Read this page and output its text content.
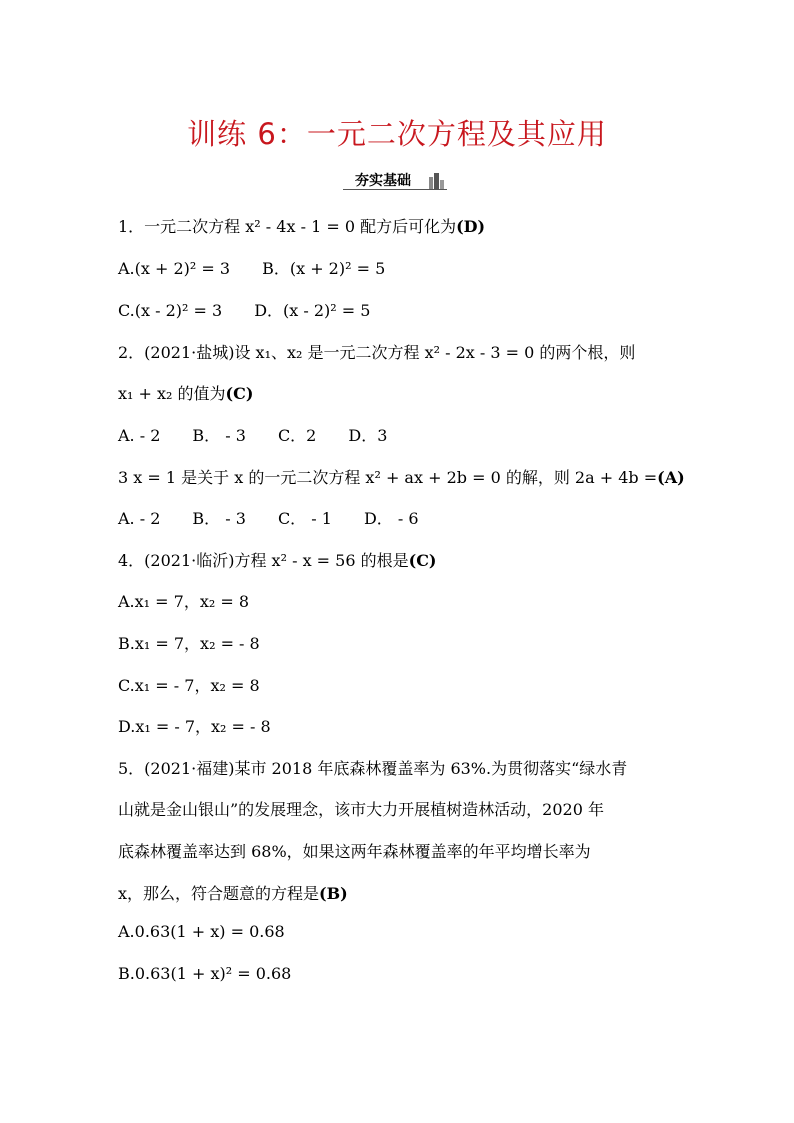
训练 6：一元二次方程及其应用
夯实基础
1．一元二次方程 x² - 4x - 1 = 0 配方后可化为(D)
A.(x + 2)² = 3 B．(x + 2)² = 5
C.(x - 2)² = 3 D．(x - 2)² = 5
2．(2021·盐城)设 x₁、x₂ 是一元二次方程 x² - 2x - 3 = 0 的两个根，则
x₁ + x₂ 的值为(C)
A. - 2 B． - 3 C．2 D．3
3 x = 1 是关于 x 的一元二次方程 x² + ax + 2b = 0 的解，则 2a + 4b =(A)
A. - 2 B． - 3 C． - 1 D． - 6
4．(2021·临沂)方程 x² - x = 56 的根是(C)
A.x₁ = 7，x₂ = 8
B.x₁ = 7，x₂ = - 8
C.x₁ = - 7，x₂ = 8
D.x₁ = - 7，x₂ = - 8
5．(2021·福建)某市 2018 年底森林覆盖率为 63%.为贯彻落实“绿水青
山就是金山银山”的发展理念，该市大力开展植树造林活动，2020 年
底森林覆盖率达到 68%，如果这两年森林覆盖率的年平均增长率为
x，那么，符合题意的方程是(B)
A.0.63(1 + x) = 0.68
B.0.63(1 + x)² = 0.68
